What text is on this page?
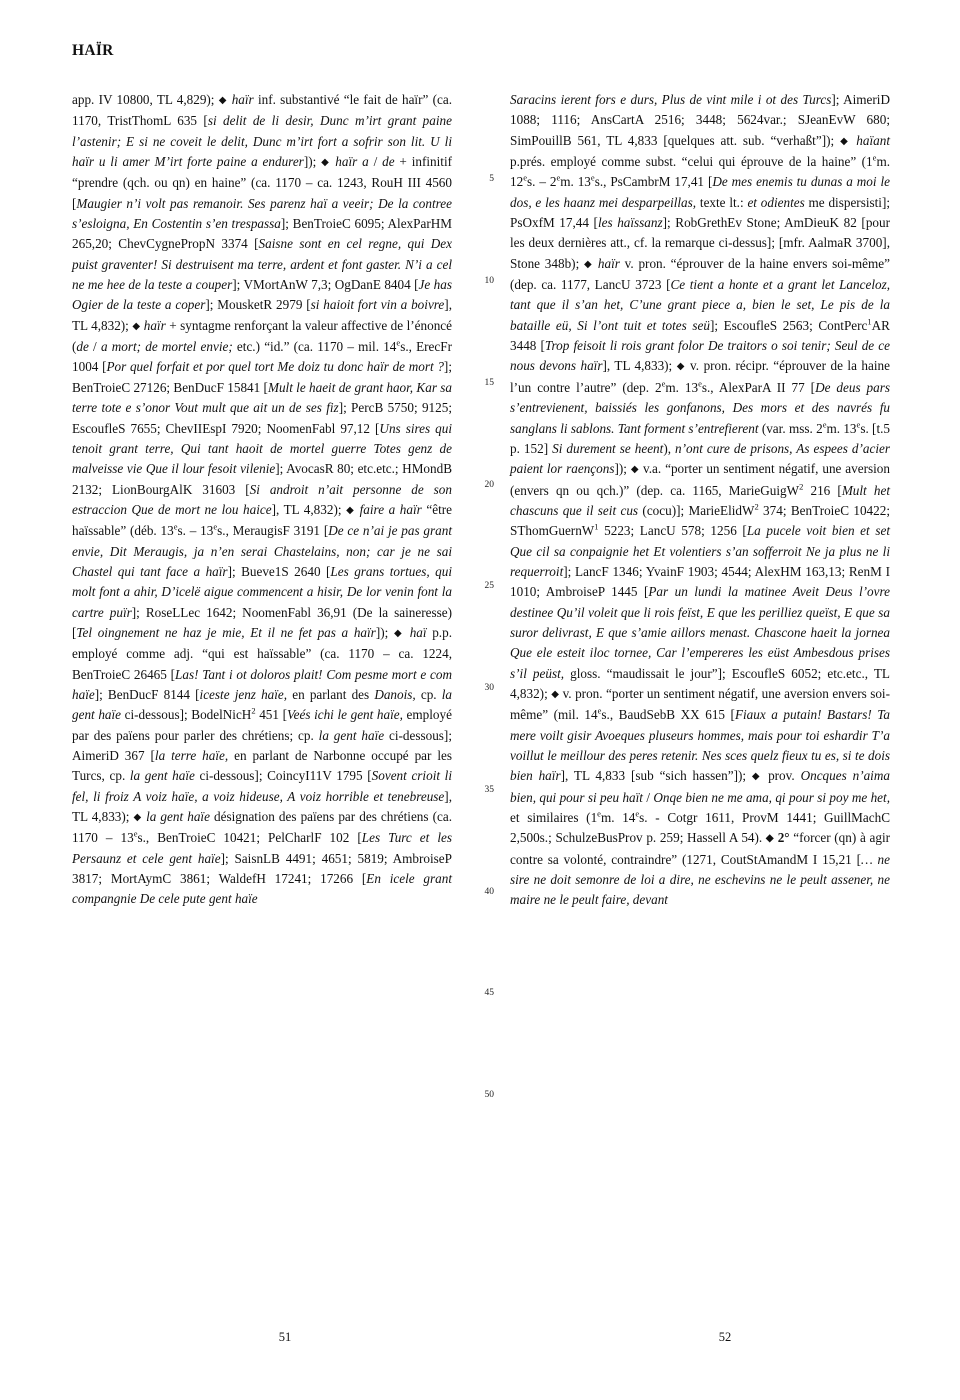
HAÏR

app. IV 10800, TL 4,829); ◆ haïr inf. substantivé “le fait de haïr” (ca. 1170, TristThomL 635 [si delit de li desir, Dunc m’irt grant paine l’astenir; E si ne coveit le delit, Dunc m’irt fort a sofrir son lit. U li haïr u li amer M’irt forte paine a endurer]); ◆ haïr a / de + infinitif “prendre (qch. ou qn) en haine” (ca. 1170 – ca. 1243, RouH III 4560 [Maugier n’i volt pas remanoir. Ses parenz haï a veeir; De la contree s’esloigna, En Costentin s’en trespassa]; BenTroieC 6095; AlexParHM 265,20; ChevCygnePropN 3374 [Saisne sont en cel regne, qui Dex puist graventer! Si destruisent ma terre, ardent et font gaster. N’i a cel ne me hee de la teste a couper]; VMortAnW 7,3; OgDanE 8404 [Je has Ogier de la teste a coper]; MousketR 2979 [si haioit fort vin a boivre], TL 4,832); ◆ haïr + syntagme renforçant la valeur affective de l’énoncé (de / a mort; de mortel envie; etc.) “id.” (ca. 1170 – mil. 14es., ErecFr 1004 [Por quel forfait et por quel tort Me doiz tu donc haïr de mort ?]; BenTroieC 27126; BenDucF 15841 [Mult le haeit de grant haor, Kar sa terre tote e s’onor Vout mult que ait un de ses fiz]; PercB 5750; 9125; EscoufleS 7655; ChevIIEspI 7920; NoomenFabl 97,12 [Uns sires qui tenoit grant terre, Qui tant haoit de mortel guerre Totes genz de malveisse vie Que il lour fesoit vilenie]; AvocasR 80; etc.etc.; HMondB 2132; LionBourgAlK 31603 [Si androit n’ait personne de son estraccion Que de mort ne lou haice], TL 4,832); ◆ faire a haïr “être haïssable” (déb. 13es. – 13es., MeraugisF 3191 [De ce n’ai je pas grant envie, Dit Meraugis, ja n’en serai Chastelains, non; car je ne sai Chastel qui tant face a haïr]; Bueve1S 2640 [Les grans tortues, qui molt font a ahir, D’icelë aigue commencent a hisir, De lor venin font la cartre puïr]; RoseLLec 1642; NoomenFabl 36,91 (De la saineresse) [Tel oingnement ne haz je mie, Et il ne fet pas a haïr]); ◆ haï p.p. employé comme adj. “qui est haïssable” (ca. 1170 – ca. 1224, BenTroieC 26465 [Las! Tant i ot doloros plait! Com pesme mort e com haïe]; BenDucF 8144 [iceste jenz haïe, en parlant des Danois, cp. la gent haïe ci-dessous]; BodelNicH$^2$ 451 [Veés ichi le gent haïe, employé par des païens pour parler des chrétiens; cp. la gent haïe ci-dessous]; AimeriD 367 [la terre haïe, en parlant de Narbonne occupé par les Turcs, cp. la gent haïe ci-dessous]; CoincyI11V 1795 [Sovent crioit li fel, li froiz A voiz haïe, a voiz hideuse, A voiz horrible et tenebreuse], TL 4,833); ◆ la gent haïe désignation des païens par des chrétiens (ca. 1170 – 13es., BenTroieC 10421; PelCharlF 102 [Les Turc et les Persaunz et cele gent haïe]; SaisnLB 4491; 4651; 5819; AmbroiseP 3817; MortAymC 3861; WaldefH 17241; 17266 [En icele grant compangnie De cele pute gent haïe

5
10
15
20
25
30
35
40
45
50

Saracins ierent fors e durs, Plus de vint mile i ot des Turcs]; AimeriD 1088; 1116; AnsCartA 2516; 3448; 5624var.; SJeanEvW 680; SimPouillB 561, TL 4,833 [quelques att. sub. “verhaßt”]); ◆ haïant p.prés. employé comme subst. “celui qui éprouve de la haine” (1em. 12es. – 2em. 13es., PsCambrM 17,41 [De mes enemis tu dunas a moi le dos, e les haanz mei desparpeillas, texte lt.: et odientes me dispersisti]; PsOxfM 17,44 [les haïssanz]; RobGrethEv Stone; AmDieuK 82 [pour les deux dernières att., cf. la remarque ci-dessus]; [mfr. AalmaR 3700], Stone 348b); ◆ haïr v. pron. “éprouver de la haine envers soi-même” (dep. ca. 1177, LancU 3723 [Ce tient a honte et a grant let Lanceloz, tant que il s’an het, C’une grant piece a, bien le set, Le pis de la bataille eü, Si l’ont tuit et totes seü]; EscoufleS 2563; ContPerc$^1$AR 3448 [Trop feisoit li rois grant folor De traitors o soi tenir; Seul de ce nous devons haïr], TL 4,833); ◆ v. pron. récipr. “éprouver de la haine l’un contre l’autre” (dep. 2em. 13es., AlexParA II 77 [De deus pars s’entrevienent, baissiés les gonfanons, Des mors et des navrés fu sanglans li sablons. Tant forment s’entrefierent (var. mss. 2em. 13es. [t.5 p. 152] Si durement se heent), n’ont cure de prisons, As espees d’acier paient lor raençons]); ◆ v.a. “porter un sentiment négatif, une aversion (envers qn ou qch.)” (dep. ca. 1165, MarieGuigW$^2$ 216 [Mult het chascuns que il seit cus (cocu)]; MarieElidW$^2$ 374; BenTroieC 10422; SThomGuernW$^1$ 5223; LancU 578; 1256 [La pucele voit bien et set Que cil sa conpaignie het Et volentiers s’an sofferroit Ne ja plus ne li requerroit]; LancF 1346; YvainF 1903; 4544; AlexHM 163,13; RenM I 1010; AmbroiseP 1445 [Par un lundi la matinee Aveit Deus l’ovre destinee Qu’il voleit que li rois feïst, E que les perilliez queïst, E que sa suror delivrast, E que s’amie aillors menast. Chascone haeit la jornea Que ele esteit iloc tornee, Car l’empereres les eüst Ambesdous prises s’il peüst, gloss. “maudissait le jour”]; EscoufleS 6052; etc.etc., TL 4,832); ◆ v. pron. “porter un sentiment négatif, une aversion envers soi-même” (mil. 14es., BaudSebB XX 615 [Fiaux a putain! Bastars! Ta mere voilt gisir Avoeques pluseurs hommes, mais pour toi eshardir T’a voillut le meillour des peres retenir. Nes sces quelz fieux tu es, si te dois bien haïr], TL 4,833 [sub “sich hassen”]); ◆ prov. Oncques n’aima bien, qui pour si peu haït / Onqe bien ne me ama, qi pour si poy me het, et similaires (1em. 14es. - Cotgr 1611, ProvM 1441; GuillMachC 2,500s.; SchulzeBusProv p. 259; Hassell A 54). ◆ 2° “forcer (qn) à agir contre sa volonté, contraindre” (1271, CoutStAmandM I 15,21 [… ne sire ne doit semonre de loi a dire, ne eschevins ne le peult assener, ne maire ne le peult faire, devant

51	52
